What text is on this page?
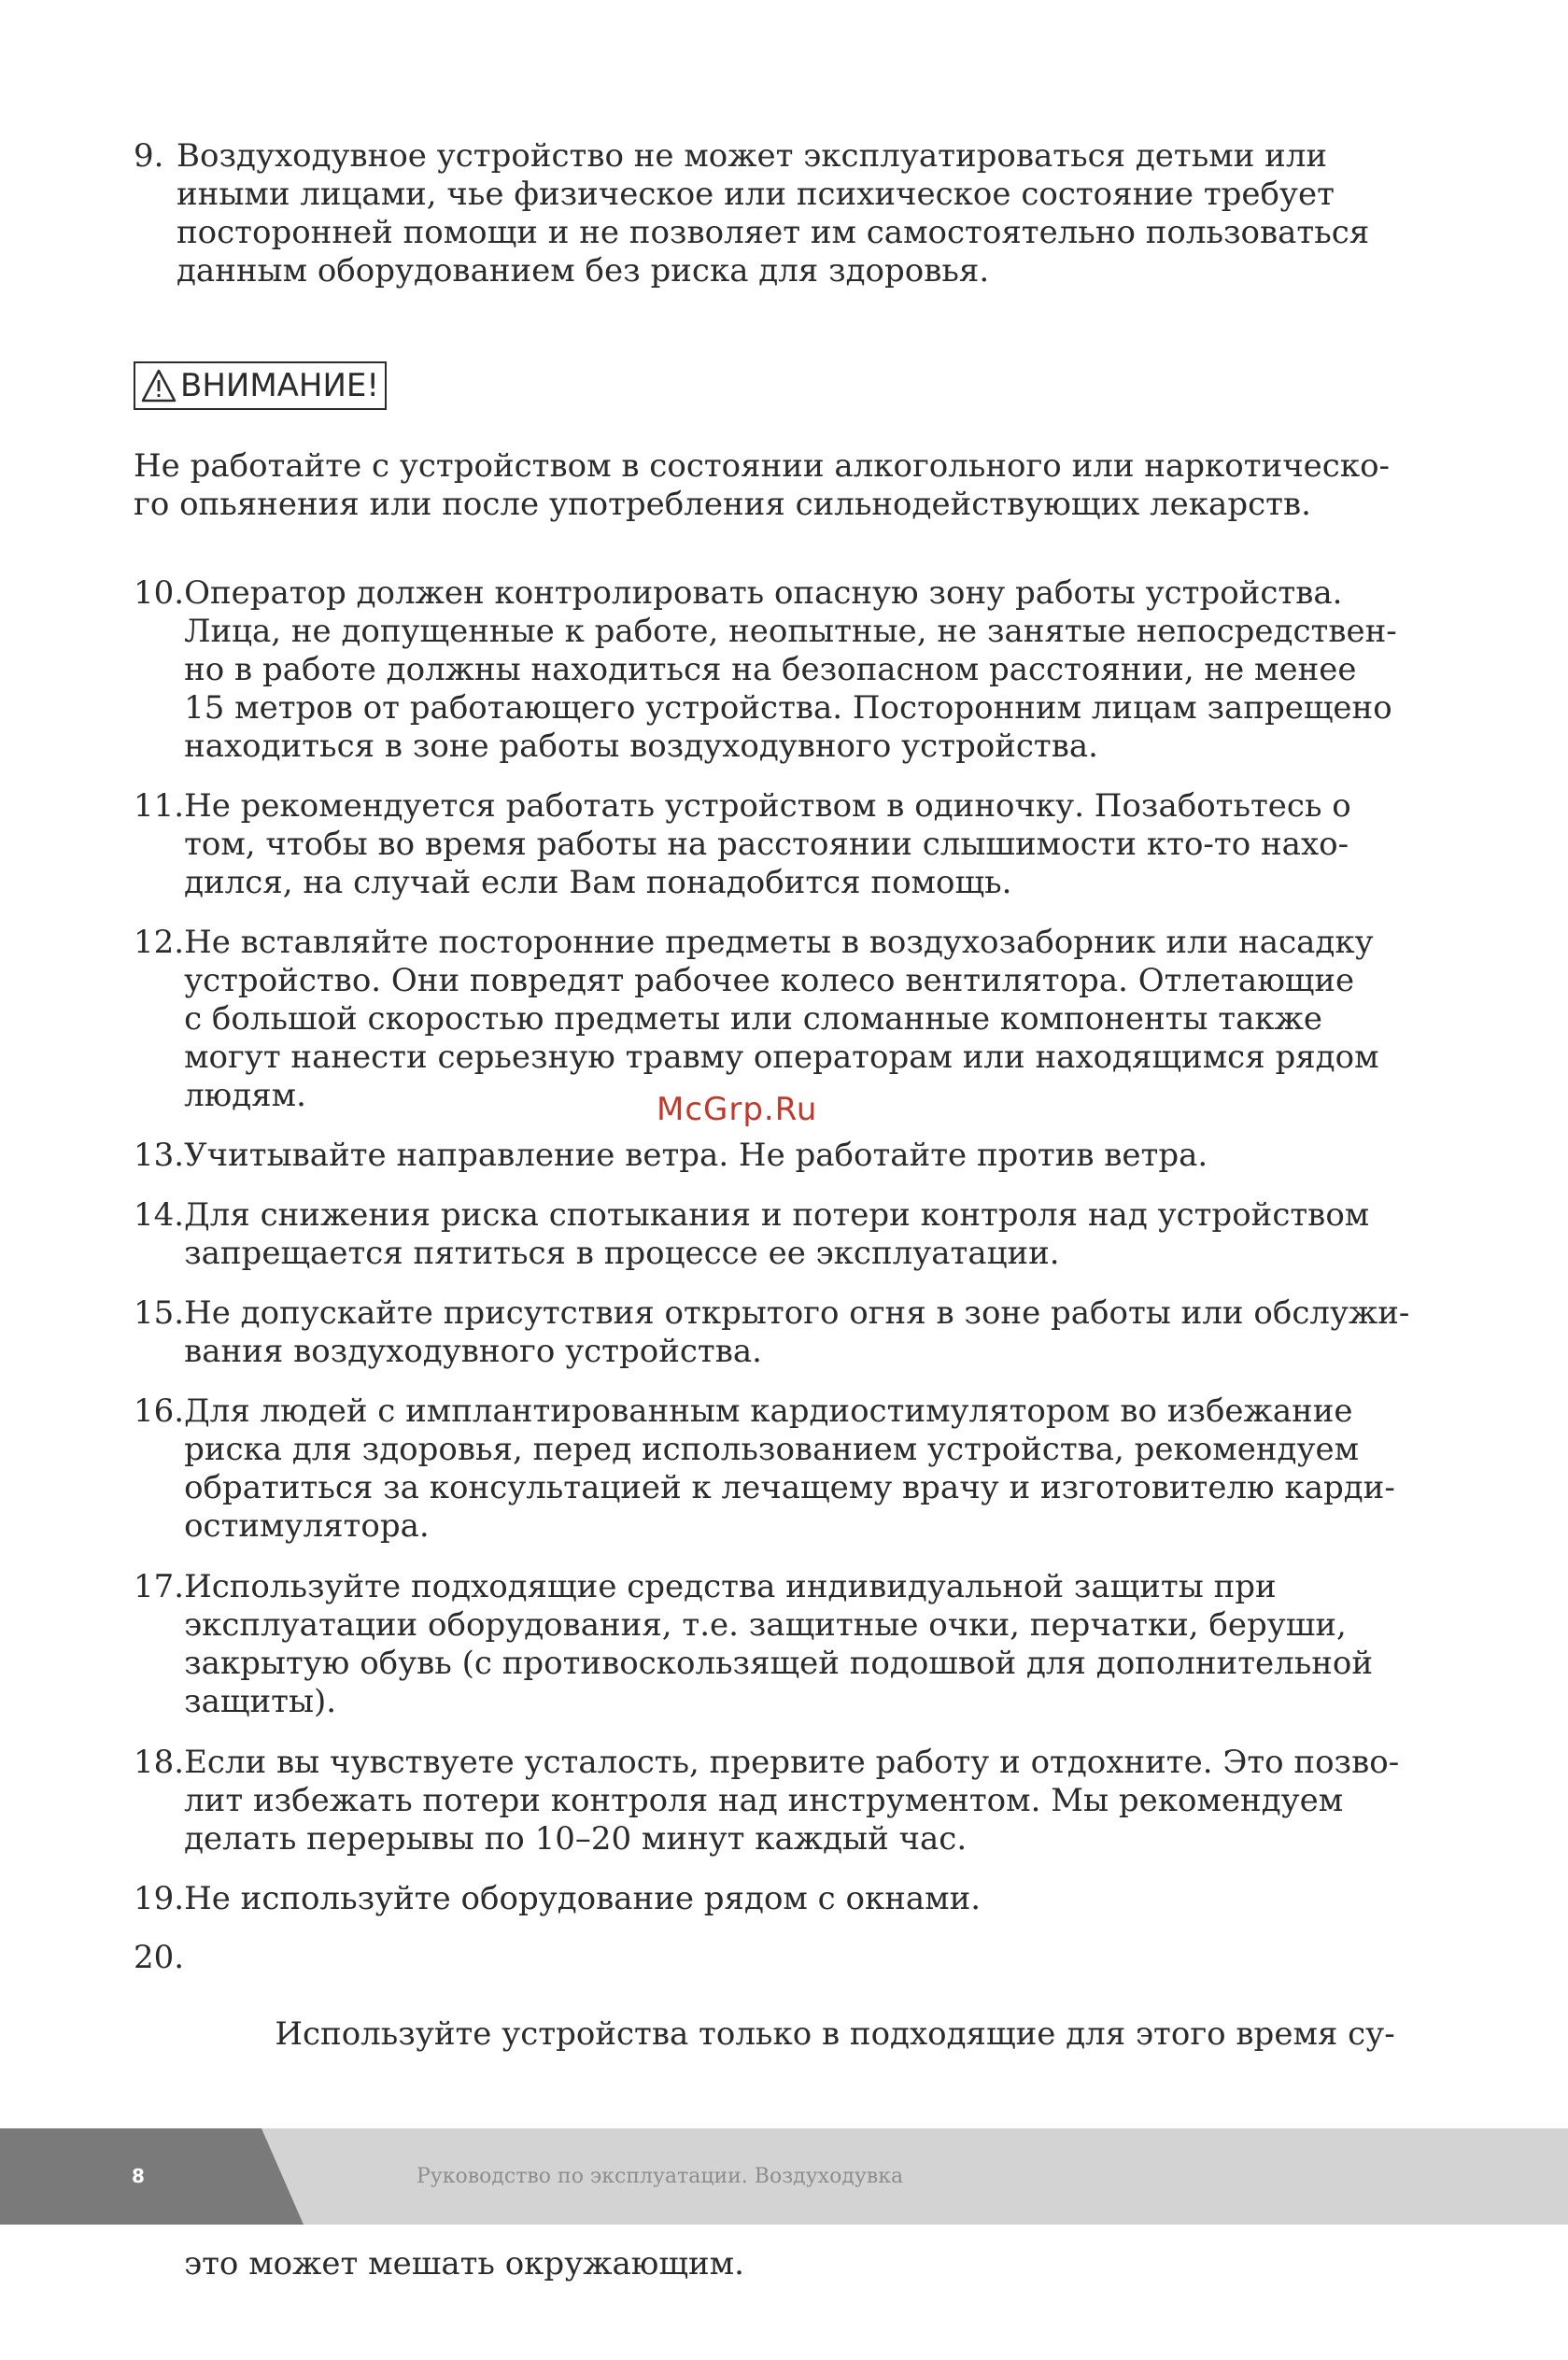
9. Воздуходувное устройство не может эксплуатироваться детьми или
иными лицами, чье физическое или психическое состояние требует
посторонней помощи и не позволяет им самостоятельно пользоваться
данным оборудованием без риска для здоровья.
ВНИМАНИЕ!
Не работайте с устройством в состоянии алкогольного или наркотическо-
го опьянения или после употребления сильнодействующих лекарств.
10. Оператор должен контролировать опасную зону работы устройства.
Лица, не допущенные к работе, неопытные, не занятые непосредствен-
но в работе должны находиться на безопасном расстоянии, не менее
15 метров от работающего устройства. Посторонним лицам запрещено
находиться в зоне работы воздуходувного устройства.
11. Не рекомендуется работать устройством в одиночку. Позаботьтесь о
том, чтобы во время работы на расстоянии слышимости кто-то нахо-
дился, на случай если Вам понадобится помощь.
12. Не вставляйте посторонние предметы в воздухозаборник или насадку
устройство. Они повредят рабочее колесо вентилятора. Отлетающие
с большой скоростью предметы или сломанные компоненты также
могут нанести серьезную травму операторам или находящимся рядом
людям.	McGrp.Ru
13. Учитывайте направление ветра. Не работайте против ветра.
14. Для снижения риска спотыкания и потери контроля над устройством
запрещается пятиться в процессе ее эксплуатации.
15. Не допускайте присутствия открытого огня в зоне работы или обслужи-
вания воздуходувного устройства.
16. Для людей с имплантированным кардиостимулятором во избежание
риска для здоровья, перед использованием устройства, рекомендуем
обратиться за консультацией к лечащему врачу и изготовителю карди-
остимулятора.
17. Используйте подходящие средства индивидуальной защиты при
эксплуатации оборудования, т.е. защитные очки, перчатки, беруши,
закрытую обувь (с противоскользящей подошвой для дополнительной
защиты).
18. Если вы чувствуете усталость, прервите работу и отдохните. Это позво-
лит избежать потери контроля над инструментом. Мы рекомендуем
делать перерывы по 10–20 минут каждый час.
19. Не используйте оборудование рядом с окнами.
20.

Используйте устройства только в подходящие для этого время су-

это может мешать окружающим.

8	Руководство по эксплуатации. Воздуходувка
